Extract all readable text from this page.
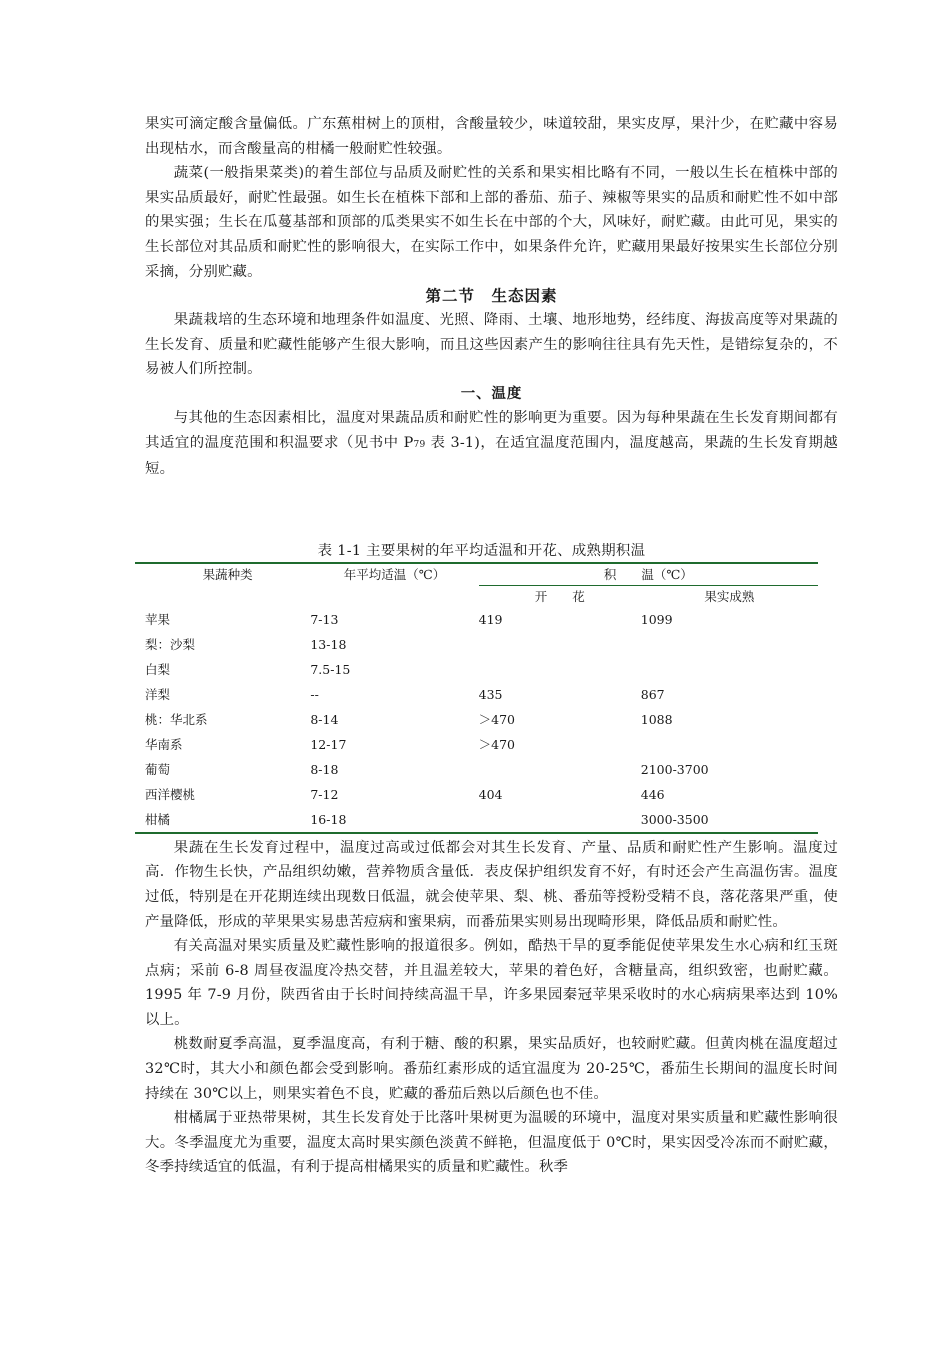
果实可滴定酸含量偏低。广东蕉柑树上的顶柑，含酸量较少，味道较甜，果实皮厚，果汁少，在贮藏中容易出现枯水，而含酸量高的柑橘一般耐贮性较强。

蔬菜(一般指果菜类)的着生部位与品质及耐贮性的关系和果实相比略有不同，一般以生长在植株中部的果实品质最好，耐贮性最强。如生长在植株下部和上部的番茄、茄子、辣椒等果实的品质和耐贮性不如中部的果实强；生长在瓜蔓基部和顶部的瓜类果实不如生长在中部的个大，风味好，耐贮藏。由此可见，果实的生长部位对其品质和耐贮性的影响很大，在实际工作中，如果条件允许，贮藏用果最好按果实生长部位分别采摘，分别贮藏。

第二节　生态因素

果蔬栽培的生态环境和地理条件如温度、光照、降雨、土壤、地形地势，经纬度、海拔高度等对果蔬的生长发育、质量和贮藏性能够产生很大影响，而且这些因素产生的影响往往具有先天性，是错综复杂的，不易被人们所控制。

一、温度

与其他的生态因素相比，温度对果蔬品质和耐贮性的影响更为重要。因为每种果蔬在生长发育期间都有其适宜的温度范围和积温要求（见书中 P79 表 3-1)，在适宜温度范围内，温度越高，果蔬的生长发育期越短。

表 1-1 主要果树的年平均适温和开花、成熟期积温

果蔬种类	年平均适温（℃）	积　　温（℃）	
		开　　花	果实成熟
苹果	7-13	419	1099
梨：沙梨	13-18		
白梨	7.5-15		
洋梨	--	435	867
桃：华北系	8-14	＞470	1088
华南系	12-17	＞470	
葡萄	8-18		2100-3700
西洋樱桃	7-12	404	446
柑橘	16-18		3000-3500

果蔬在生长发育过程中，温度过高或过低都会对其生长发育、产量、品质和耐贮性产生影响。温度过高．作物生长快，产品组织幼嫩，营养物质含量低．表皮保护组织发育不好，有时还会产生高温伤害。温度过低，特别是在开花期连续出现数日低温，就会使苹果、梨、桃、番茄等授粉受精不良，落花落果严重，使产量降低，形成的苹果果实易患苦痘病和蜜果病，而番茄果实则易出现畸形果，降低品质和耐贮性。

有关高温对果实质量及贮藏性影响的报道很多。例如，酷热干旱的夏季能促使苹果发生水心病和红玉斑点病；采前 6-8 周昼夜温度冷热交替，并且温差较大，苹果的着色好，含糖量高，组织致密，也耐贮藏。1995 年 7-9 月份，陕西省由于长时间持续高温干旱，许多果园秦冠苹果采收时的水心病病果率达到 10%以上。

桃数耐夏季高温，夏季温度高，有利于糖、酸的积累，果实品质好，也较耐贮藏。但黄肉桃在温度超过 32℃时，其大小和颜色都会受到影响。番茄红素形成的适宜温度为 20-25℃，番茄生长期间的温度长时间持续在 30℃以上，则果实着色不良，贮藏的番茄后熟以后颜色也不佳。

柑橘属于亚热带果树，其生长发育处于比落叶果树更为温暖的环境中，温度对果实质量和贮藏性影响很大。冬季温度尤为重要，温度太高时果实颜色淡黄不鲜艳，但温度低于 0℃时，果实因受冷冻而不耐贮藏，冬季持续适宜的低温，有利于提高柑橘果实的质量和贮藏性。秋季
